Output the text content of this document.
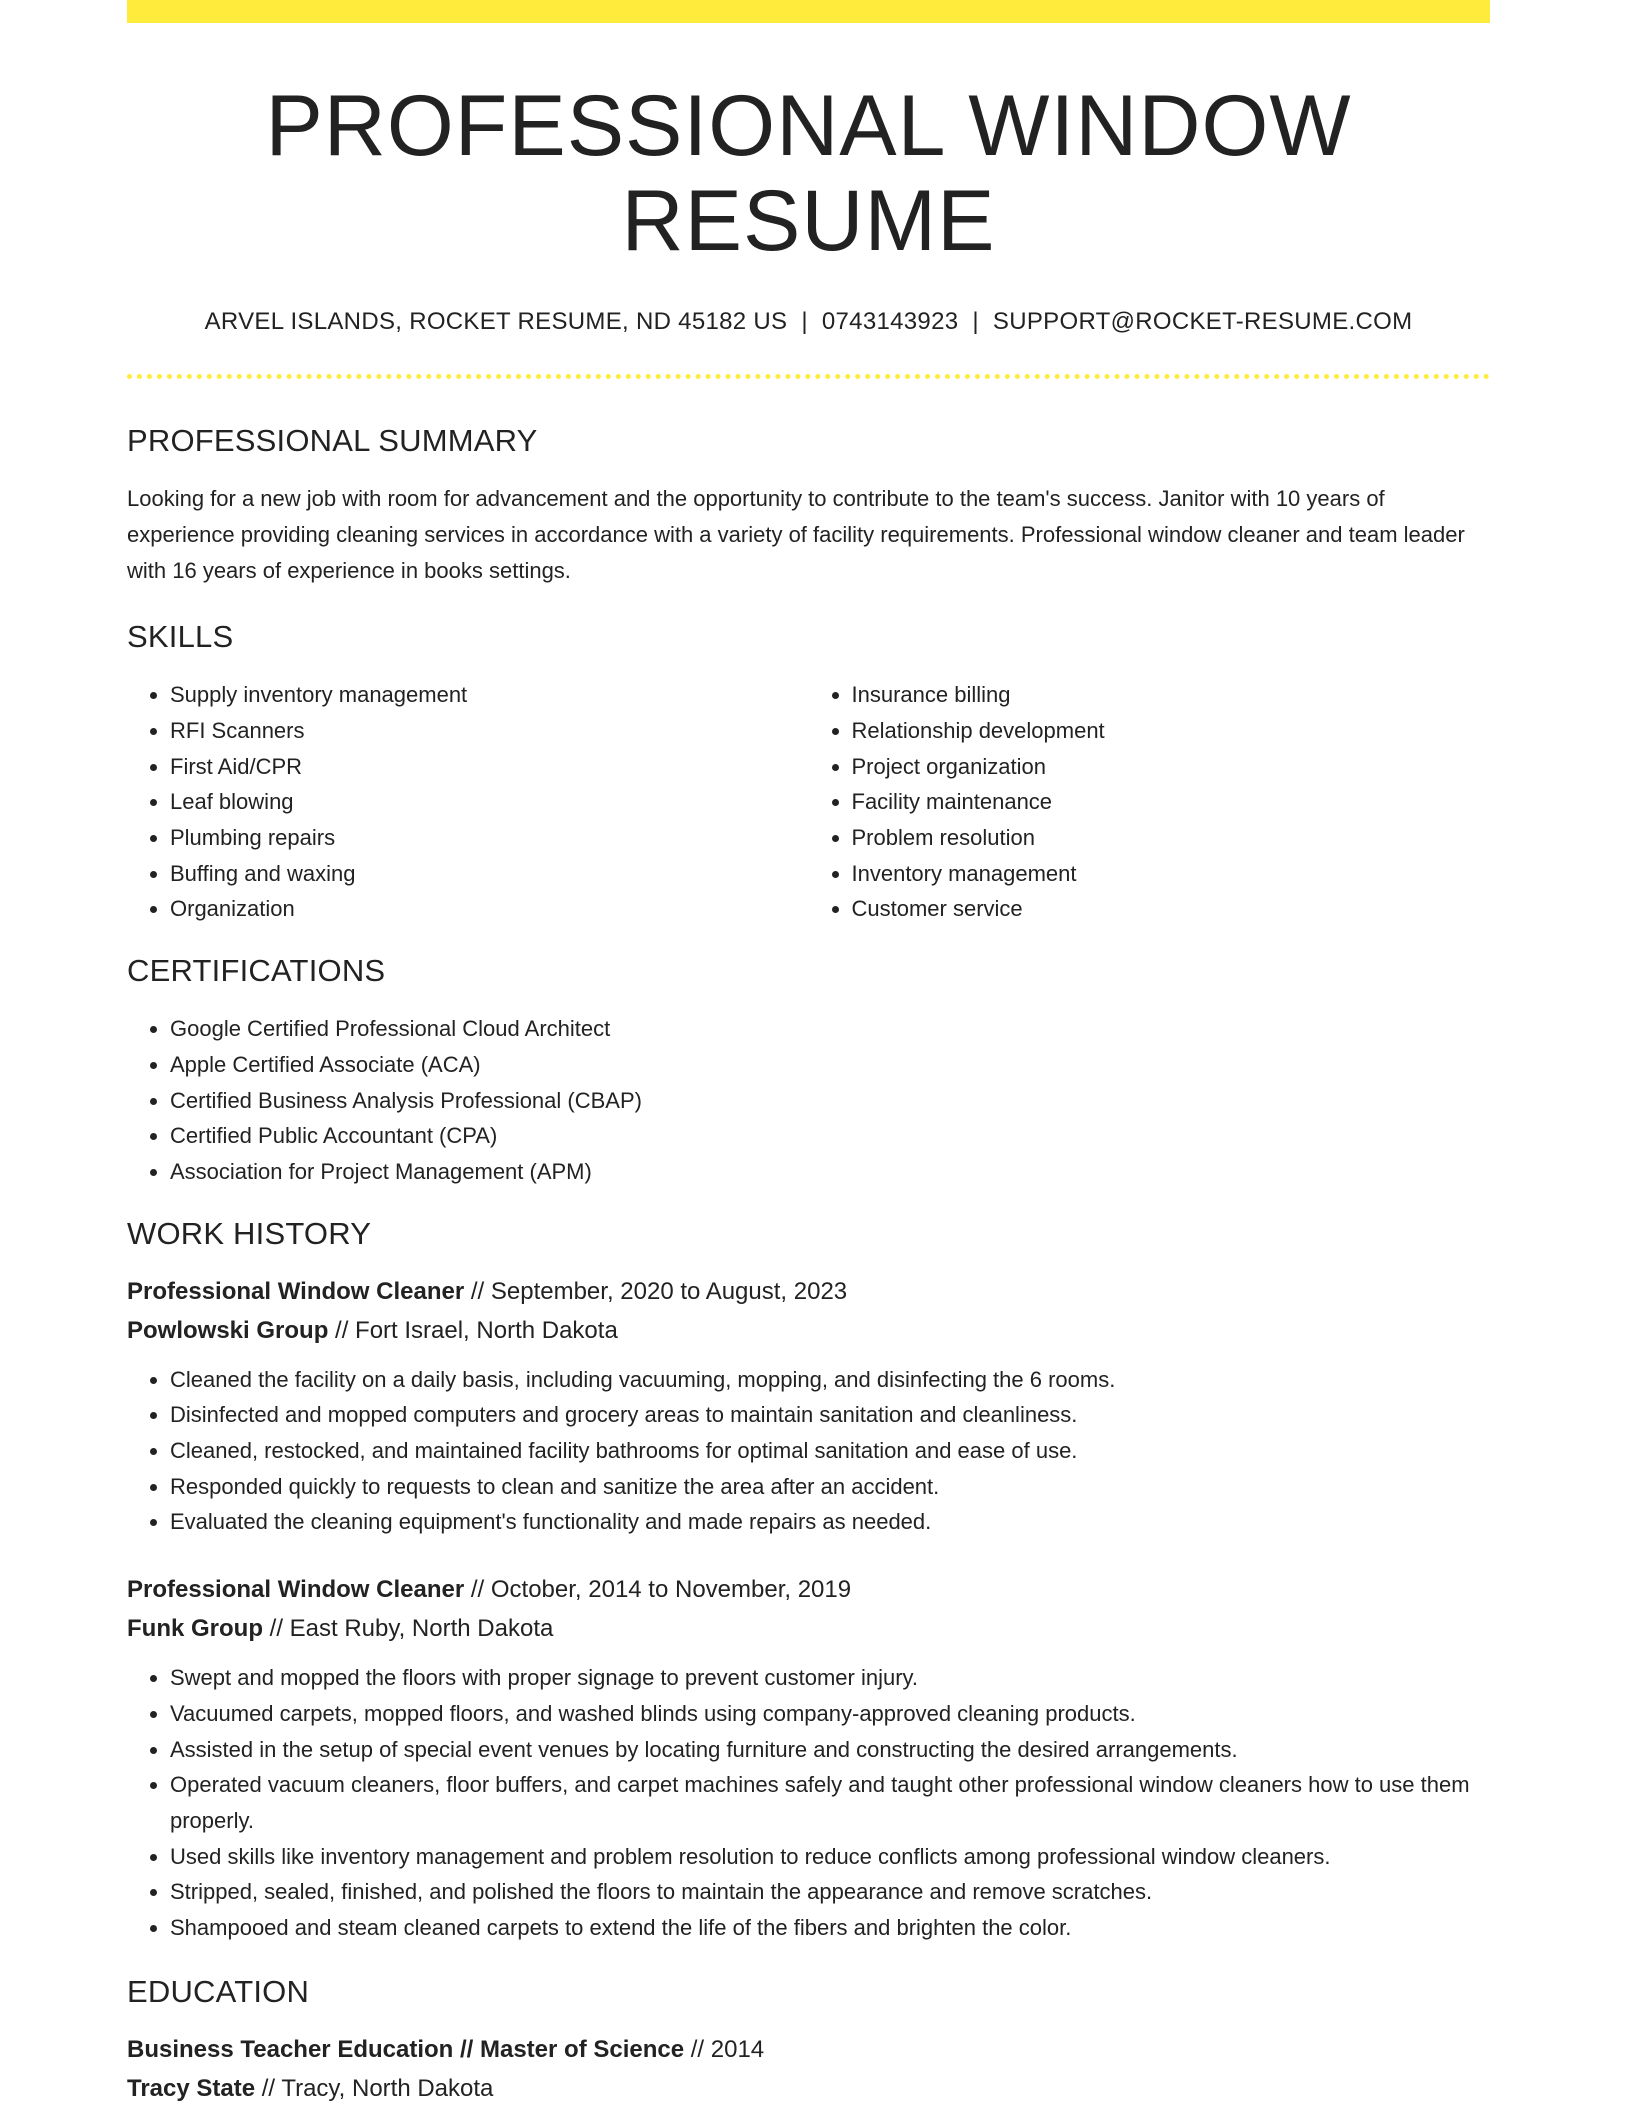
PROFESSIONAL WINDOW RESUME
ARVEL ISLANDS, ROCKET RESUME, ND 45182 US | 0743143923 | SUPPORT@ROCKET-RESUME.COM
PROFESSIONAL SUMMARY

Looking for a new job with room for advancement and the opportunity to contribute to the team's success. Janitor with 10 years of experience providing cleaning services in accordance with a variety of facility requirements. Professional window cleaner and team leader with 16 years of experience in books settings.

SKILLS
• Supply inventory management
• RFI Scanners
• First Aid/CPR
• Leaf blowing
• Plumbing repairs
• Buffing and waxing
• Organization
• Insurance billing
• Relationship development
• Project organization
• Facility maintenance
• Problem resolution
• Inventory management
• Customer service
CERTIFICATIONS
• Google Certified Professional Cloud Architect
• Apple Certified Associate (ACA)
• Certified Business Analysis Professional (CBAP)
• Certified Public Accountant (CPA)
• Association for Project Management (APM)
WORK HISTORY
Professional Window Cleaner // September, 2020 to August, 2023
Powlowski Group // Fort Israel, North Dakota
• Cleaned the facility on a daily basis, including vacuuming, mopping, and disinfecting the 6 rooms.
• Disinfected and mopped computers and grocery areas to maintain sanitation and cleanliness.
• Cleaned, restocked, and maintained facility bathrooms for optimal sanitation and ease of use.
• Responded quickly to requests to clean and sanitize the area after an accident.
• Evaluated the cleaning equipment's functionality and made repairs as needed.
Professional Window Cleaner // October, 2014 to November, 2019
Funk Group // East Ruby, North Dakota
• Swept and mopped the floors with proper signage to prevent customer injury.
• Vacuumed carpets, mopped floors, and washed blinds using company-approved cleaning products.
• Assisted in the setup of special event venues by locating furniture and constructing the desired arrangements.
• Operated vacuum cleaners, floor buffers, and carpet machines safely and taught other professional window cleaners how to use them properly.
• Used skills like inventory management and problem resolution to reduce conflicts among professional window cleaners.
• Stripped, sealed, finished, and polished the floors to maintain the appearance and remove scratches.
• Shampooed and steam cleaned carpets to extend the life of the fibers and brighten the color.
EDUCATION
Business Teacher Education // Master of Science // 2014
Tracy State // Tracy, North Dakota
